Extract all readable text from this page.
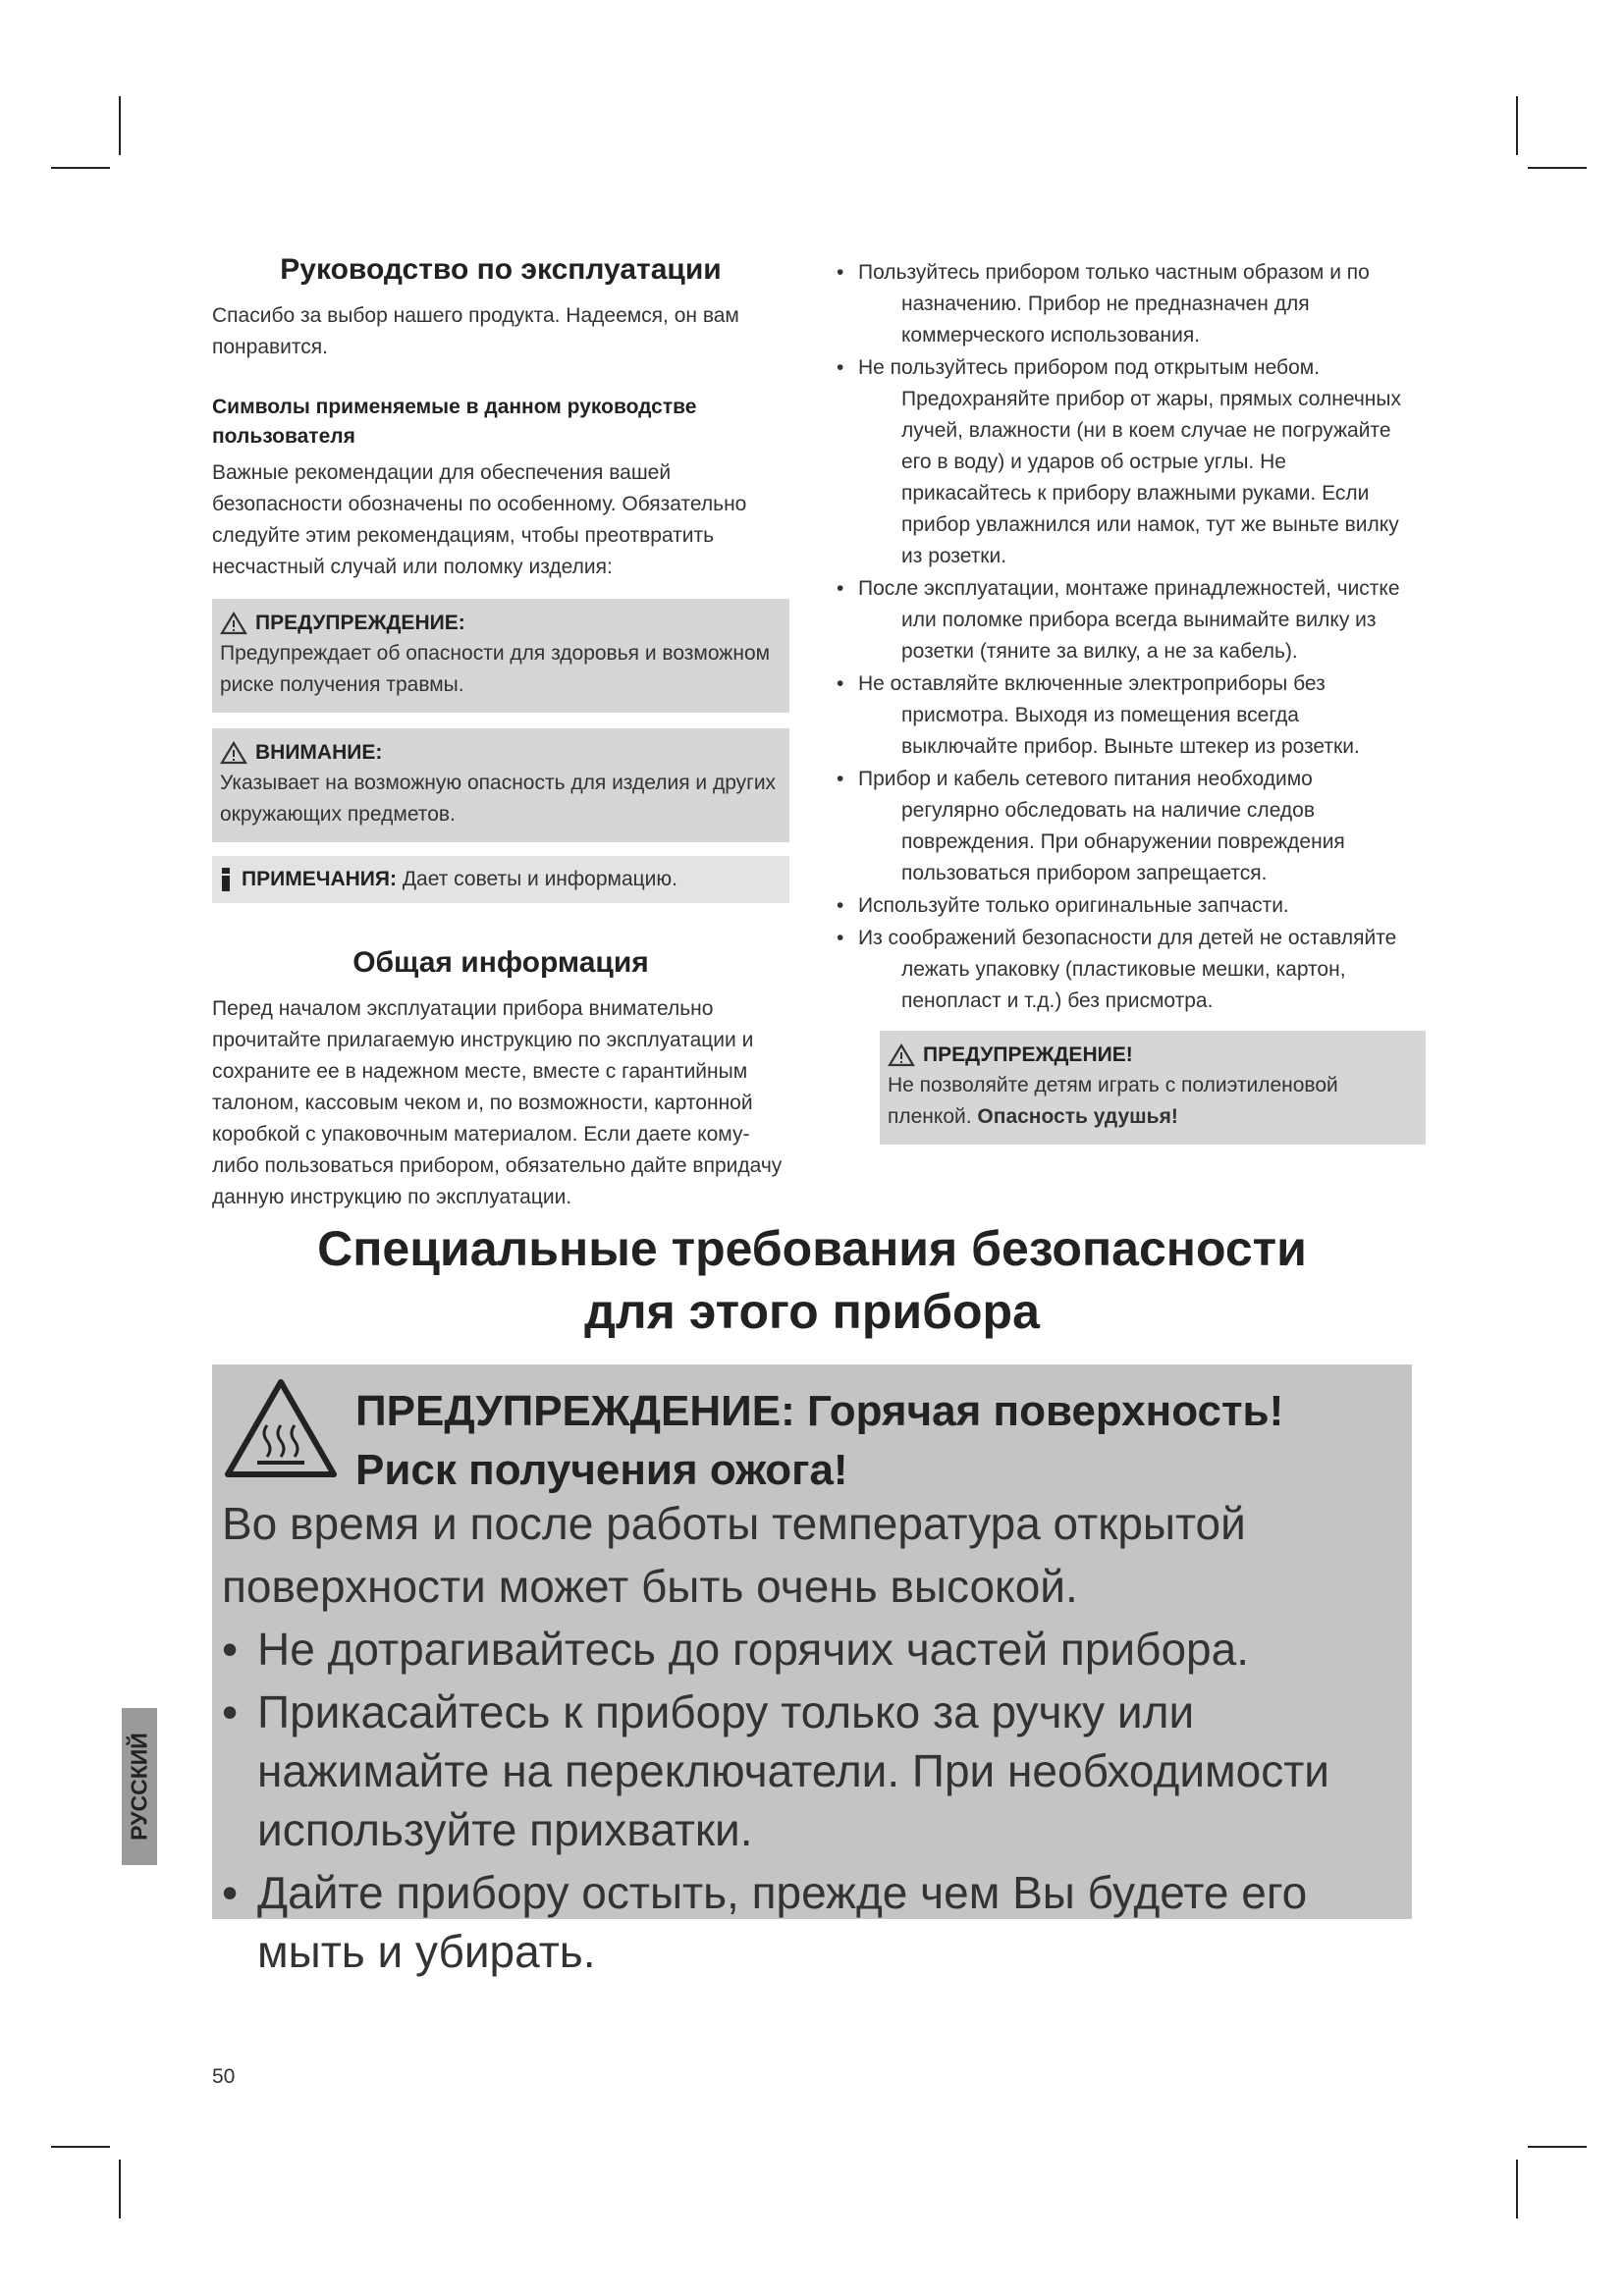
Руководство по эксплуатации

Спасибо за выбор нашего продукта. Надеемся, он вам понравится.

Символы применяемые в данном руководстве пользователя

Важные рекомендации для обеспечения вашей безопасности обозначены по особенному. Обязательно следуйте этим рекомендациям, чтобы преотвратить несчастный случай или поломку изделия:

ПРЕДУПРЕЖДЕНИЕ:
Предупреждает об опасности для здоровья и возможном риске получения травмы.
ВНИМАНИЕ:
Указывает на возможную опасность для изделия и других окружающих предметов.
ПРИМЕЧАНИЯ: Дает советы и информацию.
Общая информация

Перед началом эксплуатации прибора внимательно прочитайте прилагаемую инструкцию по эксплуатации и сохраните ее в надежном месте, вместе с гарантийным талоном, кассовым чеком и, по возможности, картонной коробкой с упаковочным материалом. Если даете кому-либо пользоваться прибором, обязательно дайте впридачу данную инструкцию по эксплуатации.

• Пользуйтесь прибором только частным образом и по назначению. Прибор не предназначен для коммерческого использования.
• Не пользуйтесь прибором под открытым небом. Предохраняйте прибор от жары, прямых солнечных лучей, влажности (ни в коем случае не погружайте его в воду) и ударов об острые углы. Не прикасайтесь к прибору влажными руками. Если прибор увлажнился или намок, тут же выньте вилку из розетки.
• После эксплуатации, монтаже принадлежностей, чистке или поломке прибора всегда вынимайте вилку из розетки (тяните за вилку, а не за кабель).
• Не оставляйте включенные электроприборы без присмотра. Выходя из помещения всегда выключайте прибор. Выньте штекер из розетки.
• Прибор и кабель сетевого питания необходимо регулярно обследовать на наличие следов повреждения. При обнаружении повреждения пользоваться прибором запрещается.
• Используйте только оригинальные запчасти.
• Из соображений безопасности для детей не оставляйте лежать упаковку (пластиковые мешки, картон, пенопласт и т.д.) без присмотра.
ПРЕДУПРЕЖДЕНИЕ!
Не позволяйте детям играть с полиэтиленовой пленкой. Опасность удушья!
Специальные требования безопасности
для этого прибора
ПРЕДУПРЕЖДЕНИЕ: Горячая поверхность!
Риск получения ожога!
Во время и после работы температура открытой поверхности может быть очень высокой.
• Не дотрагивайтесь до горячих частей прибора.
• Прикасайтесь к прибору только за ручку или нажимайте на переключатели. При необходимости используйте прихватки.
• Дайте прибору остыть, прежде чем Вы будете его мыть и убирать.
РУССКИЙ
50
